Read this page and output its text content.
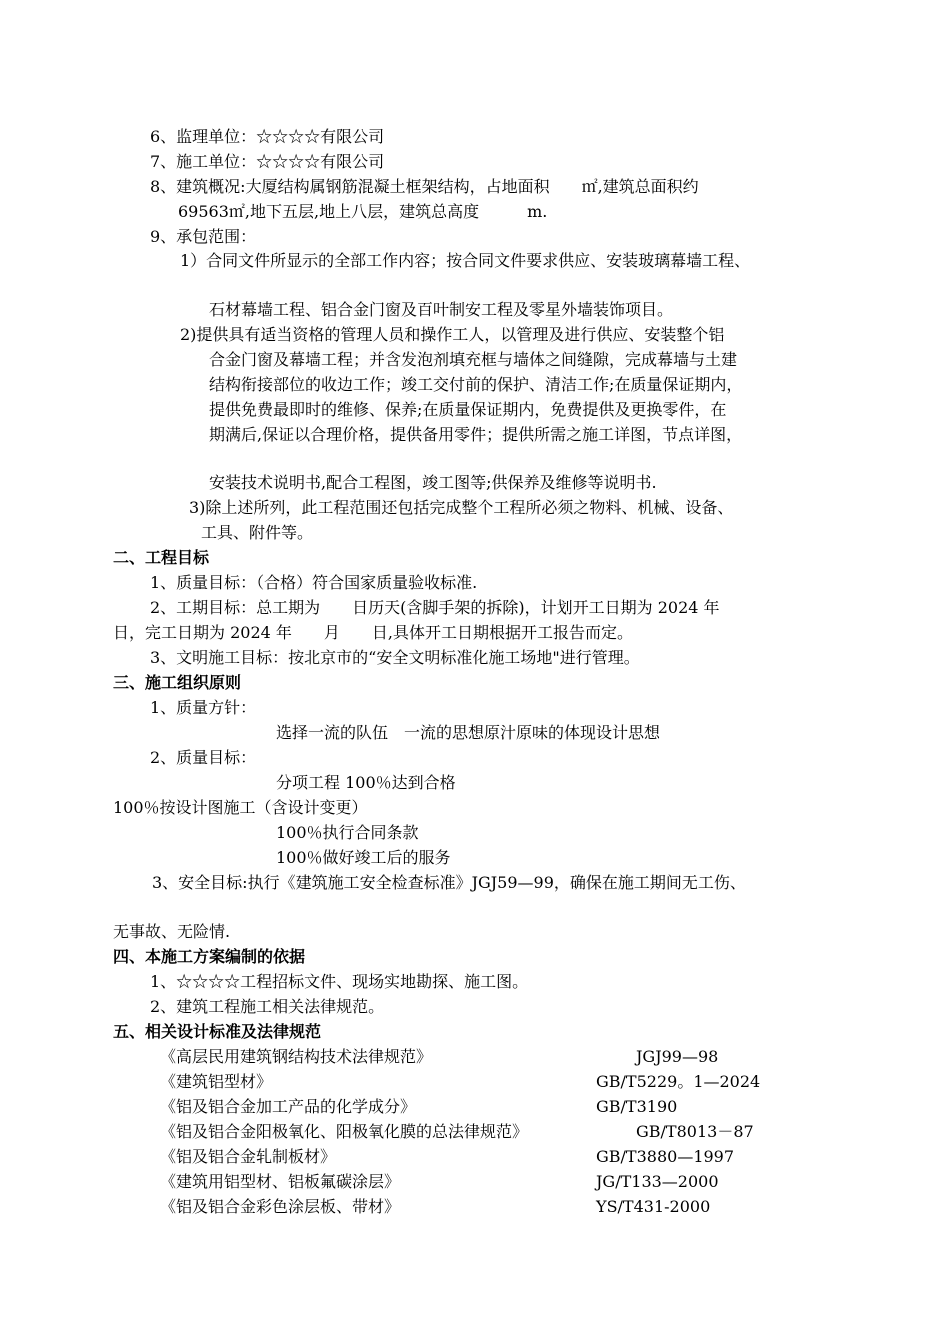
6、监理单位：☆☆☆☆有限公司
7、施工单位：☆☆☆☆有限公司
8、建筑概况:大厦结构属钢筋混凝土框架结构，占地面积　　㎡,建筑总面积约
69563㎡,地下五层,地上八层，建筑总高度　　　m.
9、承包范围：
1）合同文件所显示的全部工作内容；按合同文件要求供应、安装玻璃幕墙工程、
石材幕墙工程、铝合金门窗及百叶制安工程及零星外墙装饰项目。
2)提供具有适当资格的管理人员和操作工人，以管理及进行供应、安装整个铝
合金门窗及幕墙工程；并含发泡剂填充框与墙体之间缝隙，完成幕墙与土建
结构衔接部位的收边工作；竣工交付前的保护、清洁工作;在质量保证期内，
提供免费最即时的维修、保养;在质量保证期内，免费提供及更换零件，在
期满后,保证以合理价格，提供备用零件；提供所需之施工详图，节点详图，
安装技术说明书,配合工程图，竣工图等;供保养及维修等说明书.
3)除上述所列，此工程范围还包括完成整个工程所必须之物料、机械、设备、
工具、附件等。
二、工程目标
1、质量目标：（合格）符合国家质量验收标准.
2、工期目标：总工期为　　日历天(含脚手架的拆除)，计划开工日期为 2024 年
日，完工日期为 2024 年　　月　　日,具体开工日期根据开工报告而定。
3、文明施工目标：按北京市的“安全文明标准化施工场地"进行管理。
三、施工组织原则
1、质量方针：
选择一流的队伍　一流的思想原汁原味的体现设计思想
2、质量目标：
分项工程 100％达到合格
100％按设计图施工（含设计变更）
100％执行合同条款
100％做好竣工后的服务
3、安全目标:执行《建筑施工安全检查标准》JGJ59—99，确保在施工期间无工伤、
无事故、无险情.
四、本施工方案编制的依据
1、☆☆☆☆工程招标文件、现场实地勘探、施工图。
2、建筑工程施工相关法律规范。
五、相关设计标准及法律规范
《高层民用建筑钢结构技术法律规范》	JGJ99—98
《建筑铝型材》	GB/T5229。1—2024
《铝及铝合金加工产品的化学成分》	GB/T3190
《铝及铝合金阳极氧化、阳极氧化膜的总法律规范》	GB/T8013－87
《铝及铝合金轧制板材》	GB/T3880—1997
《建筑用铝型材、铝板氟碳涂层》	JG/T133—2000
《铝及铝合金彩色涂层板、带材》	YS/T431-2000
